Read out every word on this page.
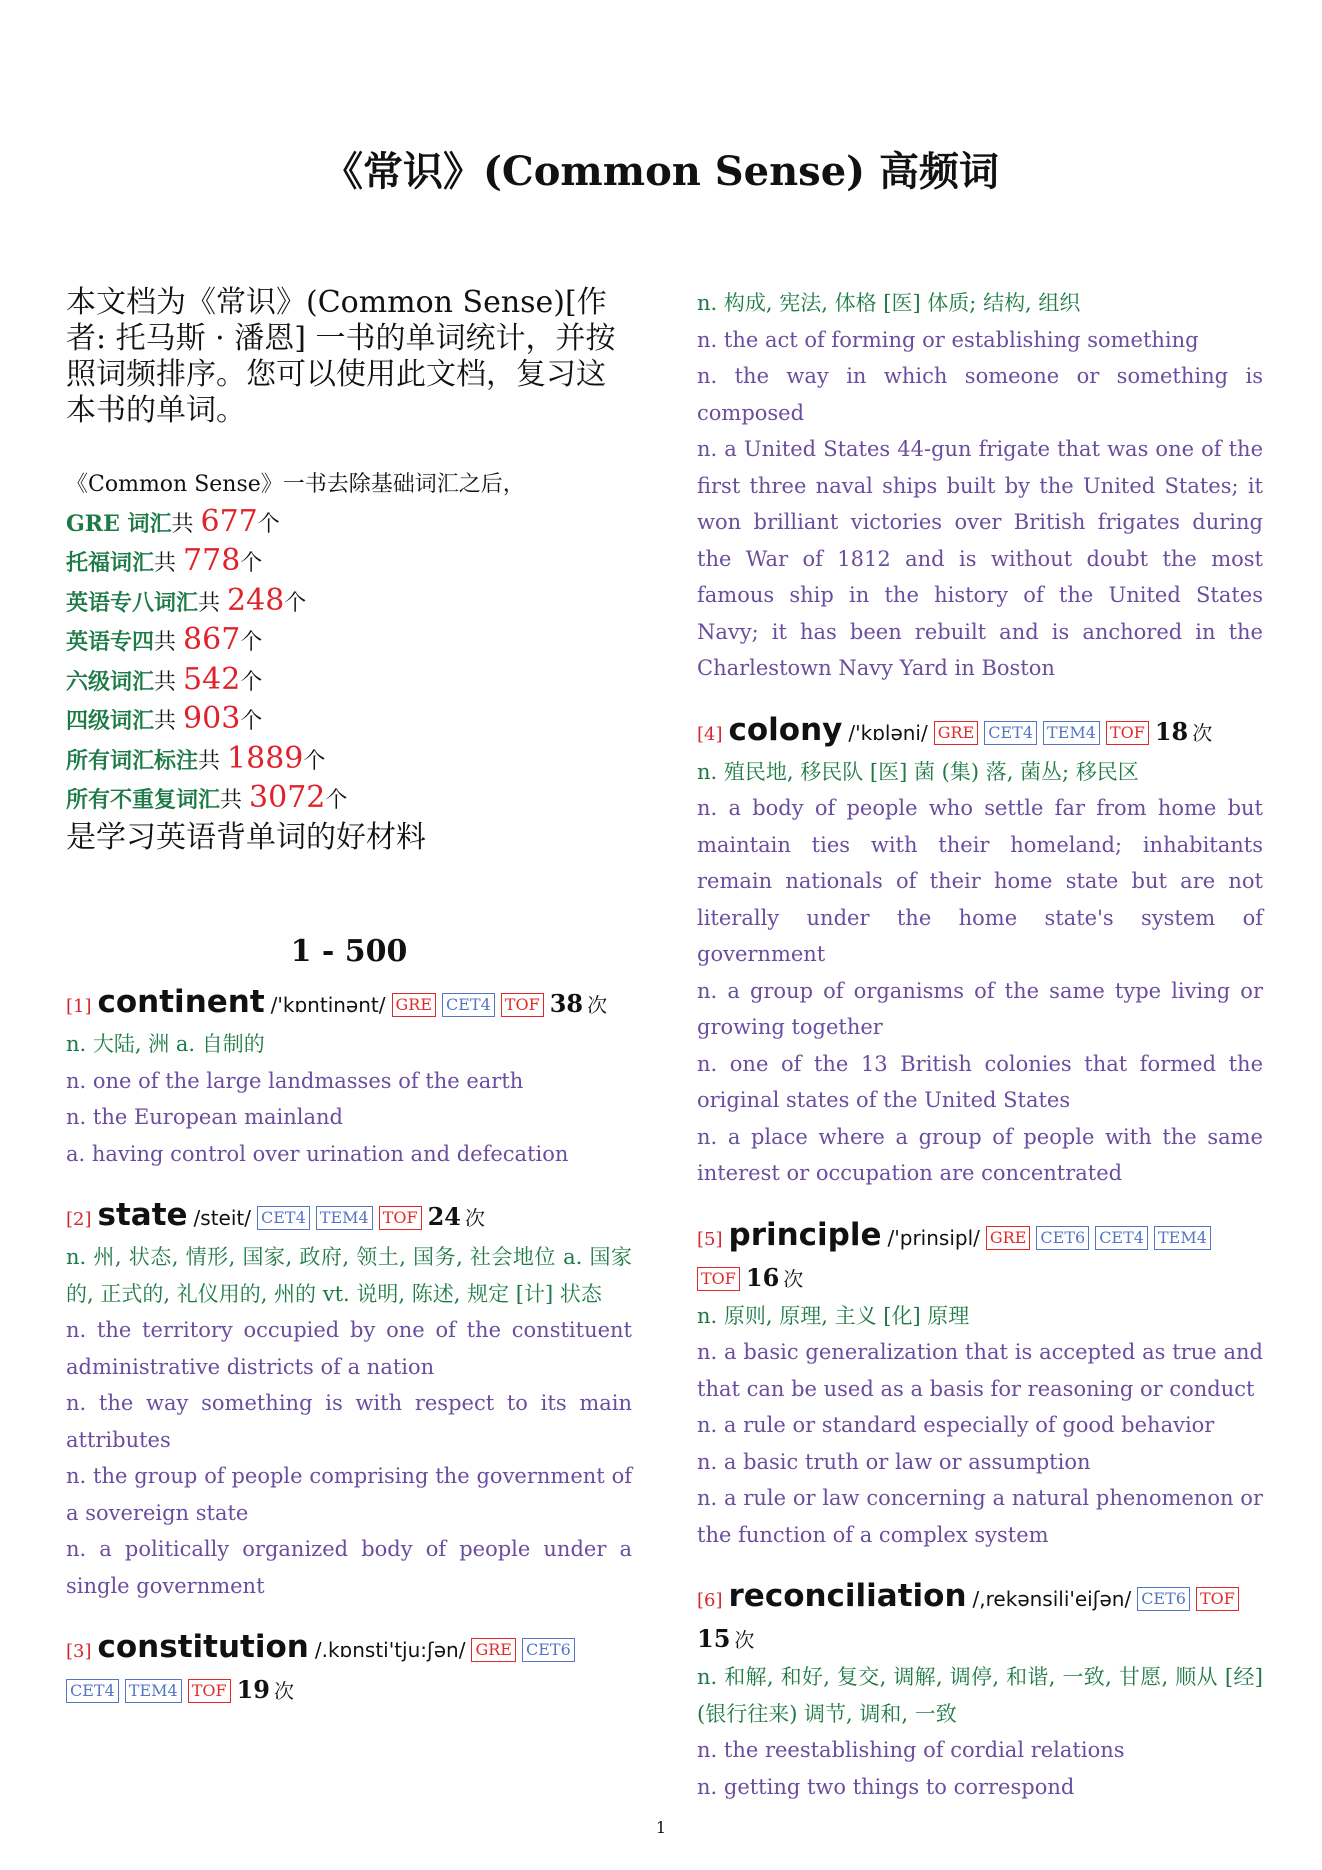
《常识》(Common Sense) 高频词

本文档为《常识》(Common Sense)[作者: 托马斯 · 潘恩] 一书的单词统计，并按照词频排序。您可以使用此文档，复习这本书的单词。

《Common Sense》一书去除基础词汇之后，
GRE 词汇共 677个
托福词汇共 778个
英语专八词汇共 248个
英语专四共 867个
六级词汇共 542个
四级词汇共 903个
所有词汇标注共 1889个
所有不重复词汇共 3072个
是学习英语背单词的好材料
1 - 500
[1] continent /'kɒntinənt/ GRE CET4 TOF 38 次
n. 大陆, 洲 a. 自制的
n. one of the large landmasses of the earth
n. the European mainland
a. having control over urination and defecation
[2] state /steit/ CET4 TEM4 TOF 24 次
n. 州, 状态, 情形, 国家, 政府, 领土, 国务, 社会地位 a. 国家的, 正式的, 礼仪用的, 州的 vt. 说明, 陈述, 规定 [计] 状态
n. the territory occupied by one of the constituent administrative districts of a nation
n. the way something is with respect to its main attributes
n. the group of people comprising the government of a sovereign state
n. a politically organized body of people under a single government
[3] constitution /.kɒnsti'tju:ʃən/ GRE CET6CET4 TEM4 TOF 19 次
n. 构成, 宪法, 体格 [医] 体质; 结构, 组织
n. the act of forming or establishing something
n. the way in which someone or something is composed
n. a United States 44-gun frigate that was one of the first three naval ships built by the United States; it won brilliant victories over British frigates during the War of 1812 and is without doubt the most famous ship in the history of the United States Navy; it has been rebuilt and is anchored in the Charlestown Navy Yard in Boston
[4] colony /'kɒləni/ GRE CET4 TEM4 TOF 18 次
n. 殖民地, 移民队 [医] 菌 (集) 落, 菌丛; 移民区
n. a body of people who settle far from home but maintain ties with their homeland; inhabitants remain nationals of their home state but are not literally under the home state's system of government
n. a group of organisms of the same type living or growing together
n. one of the 13 British colonies that formed the original states of the United States
n. a place where a group of people with the same interest or occupation are concentrated
[5] principle /'prinsipl/ GRE CET6 CET4 TEM4TOF 16 次
n. 原则, 原理, 主义 [化] 原理
n. a basic generalization that is accepted as true and that can be used as a basis for reasoning or conduct
n. a rule or standard especially of good behavior
n. a basic truth or law or assumption
n. a rule or law concerning a natural phenomenon or the function of a complex system
[6] reconciliation /,rekənsili'eiʃən/ CET6 TOF15 次
n. 和解, 和好, 复交, 调解, 调停, 和谐, 一致, 甘愿, 顺从 [经] (银行往来) 调节, 调和, 一致
n. the reestablishing of cordial relations
n. getting two things to correspond
1
